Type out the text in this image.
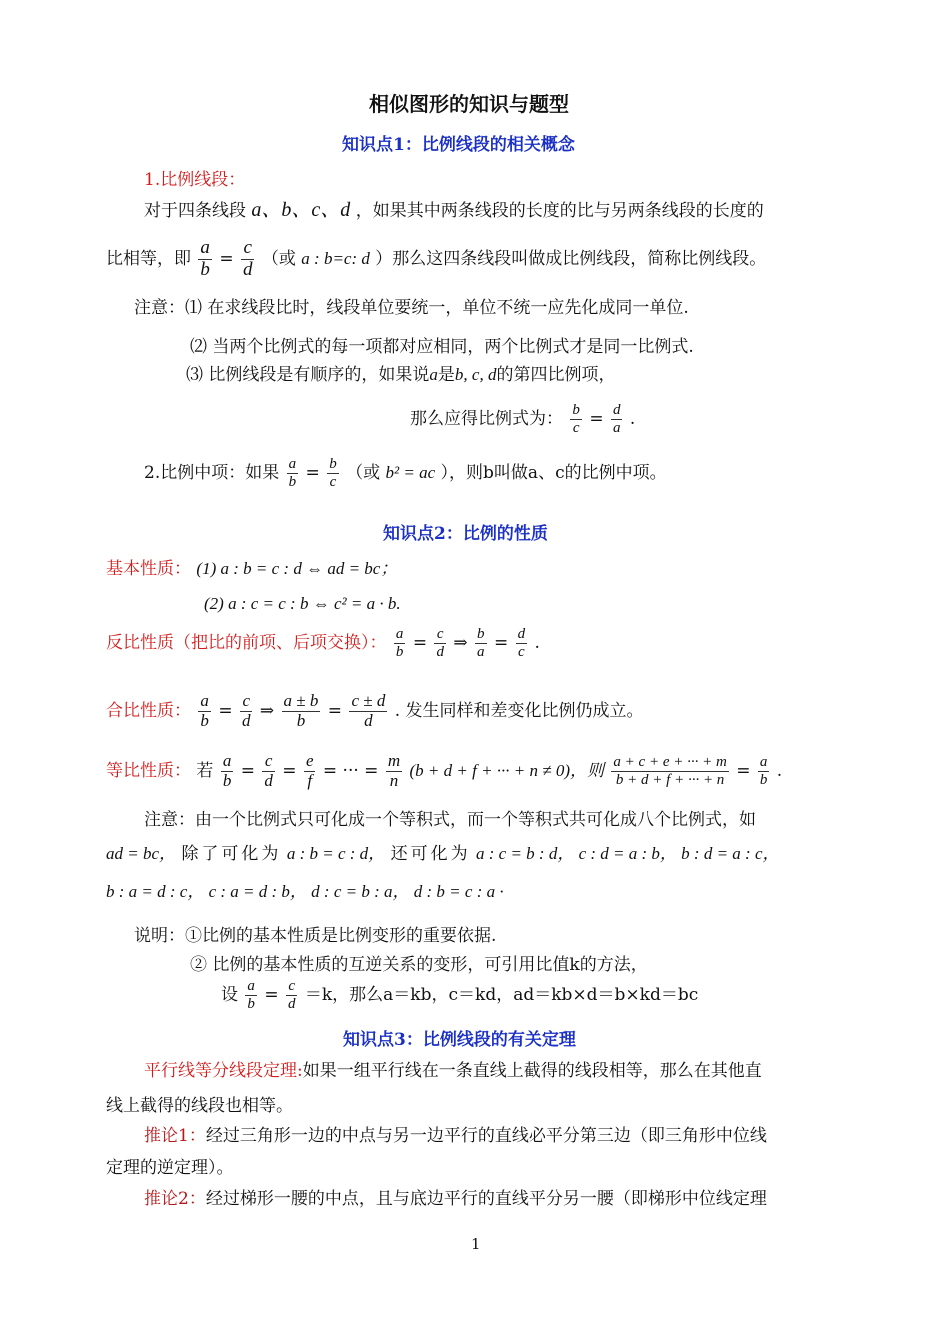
相似图形的知识与题型
知识点1：比例线段的相关概念
1.比例线段：
对于四条线段 a、b、c、d ，如果其中两条线段的长度的比与另两条线段的长度的
比相等，即 $\frac{a}{b} = \frac{c}{d}$ （或 a : b=c: d ）那么这四条线段叫做成比例线段，简称比例线段。
注意：⑴ 在求线段比时，线段单位要统一，单位不统一应先化成同一单位.
⑵ 当两个比例式的每一项都对应相同，两个比例式才是同一比例式.
⑶ 比例线段是有顺序的，如果说a是b, c, d的第四比例项，
那么应得比例式为： $\frac{b}{c} = \frac{d}{a}$ .
2.比例中项：如果 $\frac{a}{b} = \frac{b}{c}$ （或 b² = ac ），则b叫做a、c的比例中项。
知识点2：比例的性质
基本性质： (1) a : b = c : d ⇔ ad = bc；
(2) a : c = c : b ⇔ c² = a · b.
反比性质（把比的前项、后项交换）： $\frac{a}{b} = \frac{c}{d}$ ⇒ $\frac{b}{a} = \frac{d}{c}$ .
合比性质： $\frac{a}{b} = \frac{c}{d}$ ⇒ $\frac{a \pm b}{b} = \frac{c \pm d}{d}$ . 发生同样和差变化比例仍成立。
等比性质： 若 $\frac{a}{b} = \frac{c}{d} = \frac{e}{f}$ = ··· = $\frac{m}{n} (b + d + f$ + ··· + n ≠ 0)，则 $\frac{a + c + e + \cdot\cdot\cdot + m}{b + d + f + \cdot\cdot\cdot + n} = \frac{a}{b}$ .
注意：由一个比例式只可化成一个等积式，而一个等积式共可化成八个比例式，如
ad = bc， 除了可化为 a : b = c : d， 还可化为 a : c = b : d， c : d = a : b， b : d = a : c，
b : a = d : c， c : a = d : b， d : c = b : a， d : b = c : a ·
说明：①比例的基本性质是比例变形的重要依据.
② 比例的基本性质的互逆关系的变形，可引用比值k的方法，
设 $\frac{a}{b} = \frac{c}{d} =k$，那么a＝kb，c＝kd，ad＝kb×d＝b×kd＝bc
知识点3：比例线段的有关定理
平行线等分线段定理:如果一组平行线在一条直线上截得的线段相等，那么在其他直
线上截得的线段也相等。
推论1：经过三角形一边的中点与另一边平行的直线必平分第三边（即三角形中位线
定理的逆定理）。
推论2：经过梯形一腰的中点，且与底边平行的直线平分另一腰（即梯形中位线定理
1
